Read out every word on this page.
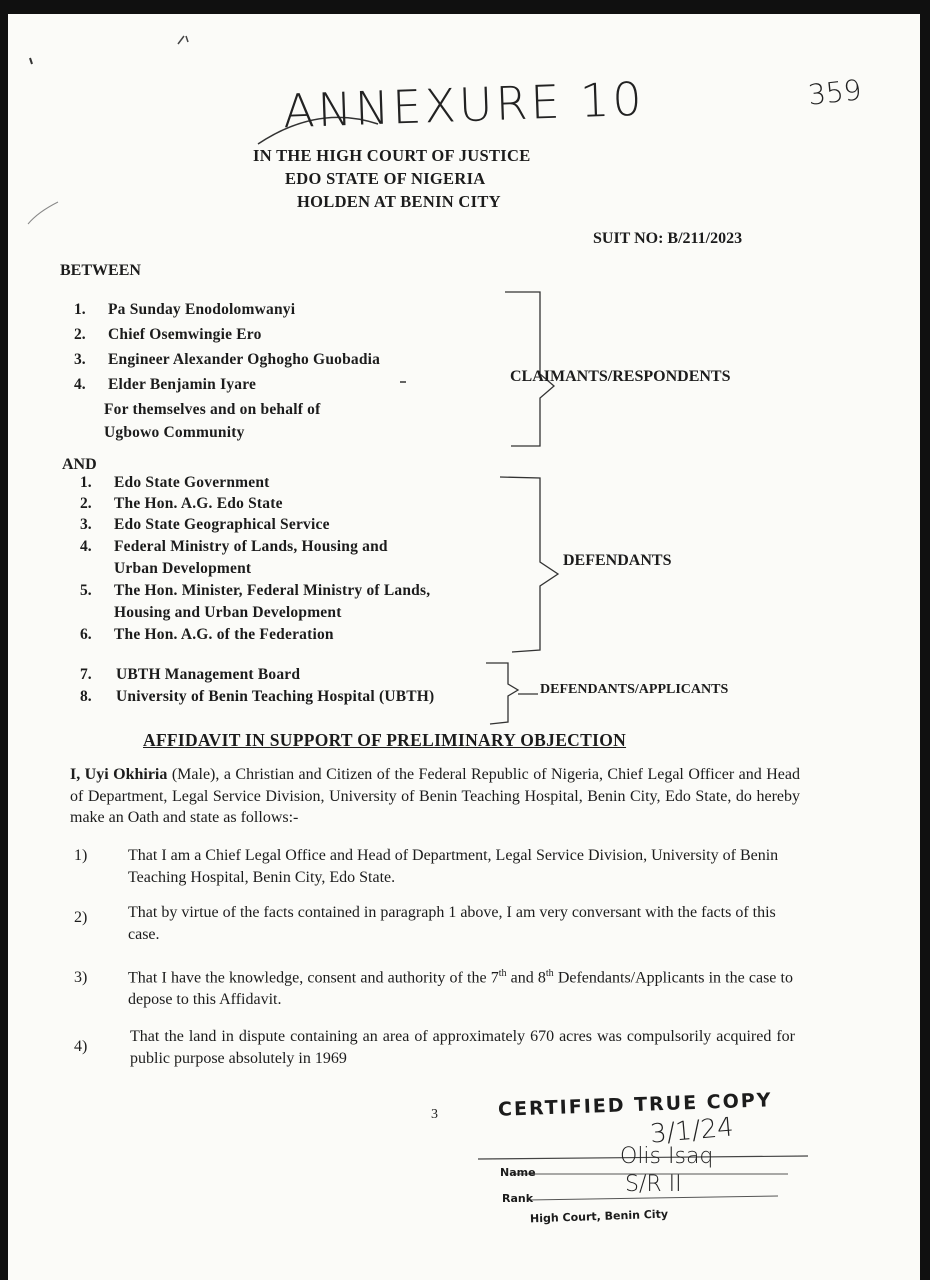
ANNEXURE 10	359
IN THE HIGH COURT OF JUSTICE
EDO STATE OF NIGERIA
HOLDEN AT BENIN CITY
SUIT NO: B/211/2023
BETWEEN
1. Pa Sunday Enodolomwanyi
2. Chief Osemwingie Ero
3. Engineer Alexander Oghogho Guobadia
4. Elder Benjamin Iyare
For themselves and on behalf of
Ugbowo Community
CLAIMANTS/RESPONDENTS
AND
1. Edo State Government
2. The Hon. A.G. Edo State
3. Edo State Geographical Service
4. Federal Ministry of Lands, Housing and
Urban Development
5. The Hon. Minister, Federal Ministry of Lands,
Housing and Urban Development
6. The Hon. A.G. of the Federation
DEFENDANTS
7. UBTH Management Board
8. University of Benin Teaching Hospital (UBTH)	DEFENDANTS/APPLICANTS
AFFIDAVIT IN SUPPORT OF PRELIMINARY OBJECTION
I, Uyi Okhiria (Male), a Christian and Citizen of the Federal Republic of Nigeria, Chief Legal Officer and Head of Department, Legal Service Division, University of Benin Teaching Hospital, Benin City, Edo State, do hereby make an Oath and state as follows:-
1)	That I am a Chief Legal Office and Head of Department, Legal Service Division, University of Benin Teaching Hospital, Benin City, Edo State.
2)	That by virtue of the facts contained in paragraph 1 above, I am very conversant with the facts of this case.
3)	That I have the knowledge, consent and authority of the 7th and 8th Defendants/Applicants in the case to depose to this Affidavit.
4)
That the land in dispute containing an area of approximately 670 acres was compulsorily acquired for public purpose absolutely in 1969
3	CERTIFIED TRUE COPY
3/1/24
Name
Olis Isaq
Rank
S/R II
High Court, Benin City
